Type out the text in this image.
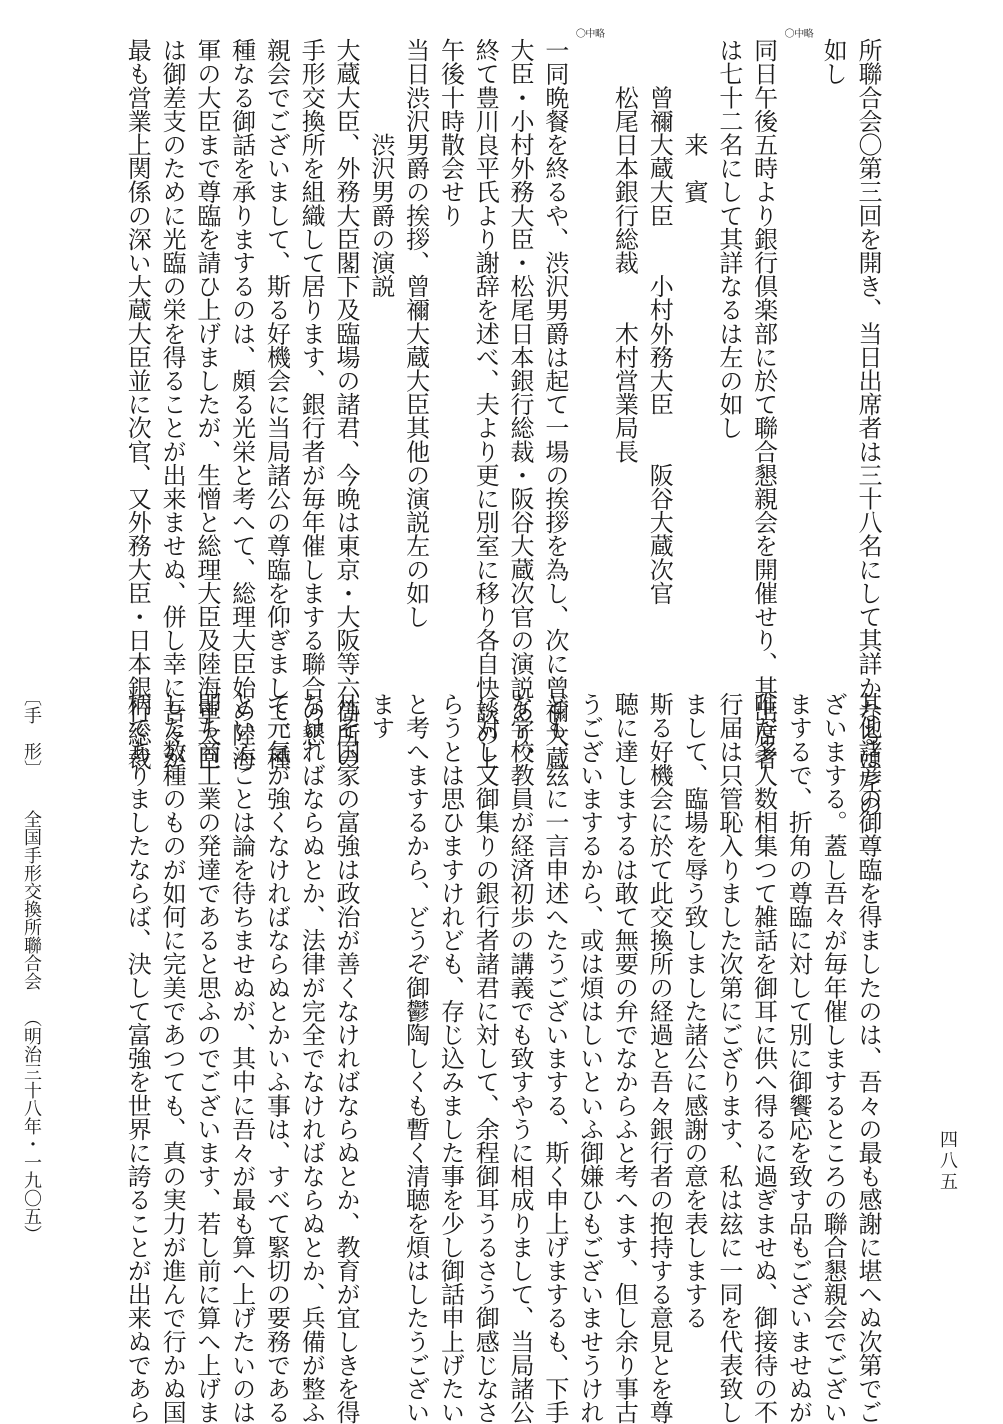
所聯合会〇第三回を開き、当日出席者は三十八名にして其詳かなるは左の
如し
〇中略
同日午後五時より銀行倶楽部に於て聯合懇親会を開催せり、其出席者
は七十二名にして其詳なるは左の如し
　　　　来　賓
　　曾禰大蔵大臣　　小村外務大臣　　阪谷大蔵次官
　　松尾日本銀行総裁　　木村営業局長
〇中略
一同晩餐を終るや、渋沢男爵は起て一場の挨拶を為し、次に曾禰大蔵
大臣・小村外務大臣・松尾日本銀行総裁・阪谷大蔵次官の演説あり、
終て豊川良平氏より謝辞を述べ、夫より更に別室に移り各自快談の上
午後十時散会せり
当日渋沢男爵の挨拶、曾禰大蔵大臣其他の演説左の如し
　　　　渋沢男爵の演説
大蔵大臣、外務大臣閣下及臨場の諸君、今晩は東京・大阪等六箇所の
手形交換所を組織して居ります、銀行者が毎年催しまする聯合の懇
親会でございまして、斯る好機会に当局諸公の尊臨を仰ぎまして、種
種なる御話を承りまするのは、頗る光栄と考へて、総理大臣始め陸海
軍の大臣まで尊臨を請ひ上げましたが、生憎と総理大臣及陸海軍大臣
は御差支のために光臨の栄を得ることが出来ませぬ、併し幸に吾々が
最も営業上関係の深い大蔵大臣並に次官、又外務大臣・日本銀行総裁
其他諸彦の御尊臨を得ましたのは、吾々の最も感謝に堪へぬ次第でご
ざいまする。蓋し吾々が毎年催しまするところの聯合懇親会でござい
まするで、折角の尊臨に対して別に御饗応を致す品もございませぬが
唯だ多人数相集つて雑話を御耳に供へ得るに過ぎませぬ、御接待の不
行届は只管恥入りました次第にござります、私は玆に一同を代表致し
まして、臨場を辱う致しました諸公に感謝の意を表しまする
斯る好機会に於て此交換所の経過と吾々銀行者の抱持する意見とを尊
聴に達しまするは敢て無要の弁でなからふと考へます、但し余り事古
うございまするから、或は煩はしいといふ御嫌ひもございませうけれ
ども、玆に一言申述へたうございまする、斯く申上げまするも、下手
な学校教員が経済初歩の講義でも致すやうに相成りまして、当局諸公
に対し又御集りの銀行者諸君に対して、余程御耳うるさう御感じなさ
らうとは思ひますけれども、存じ込みました事を少し御話申上げたい
と考へまするから、どうぞ御鬱陶しくも暫く清聴を煩はしたうござい
ます
凡そ国家の富強は政治が善くなければならぬとか、教育が宜しきを得
なければならぬとか、法律が完全でなければならぬとか、兵備が整ふ
て元気が強くなければならぬとかいふ事は、すべて緊切の要務である
といふことは論を待ちませぬが、其中に吾々が最も算へ上げたいのは
即ち商工業の発達であると思ふのでございます、若し前に算へ上げま
した数種のものが如何に完美であつても、真の実力が進んで行かぬ国
柄でありましたならば、決して富強を世界に誇ることが出来ぬであら
〔手　形〕 全国手形交換所聯合会 （明治三十八年・一九〇五）	四八五
